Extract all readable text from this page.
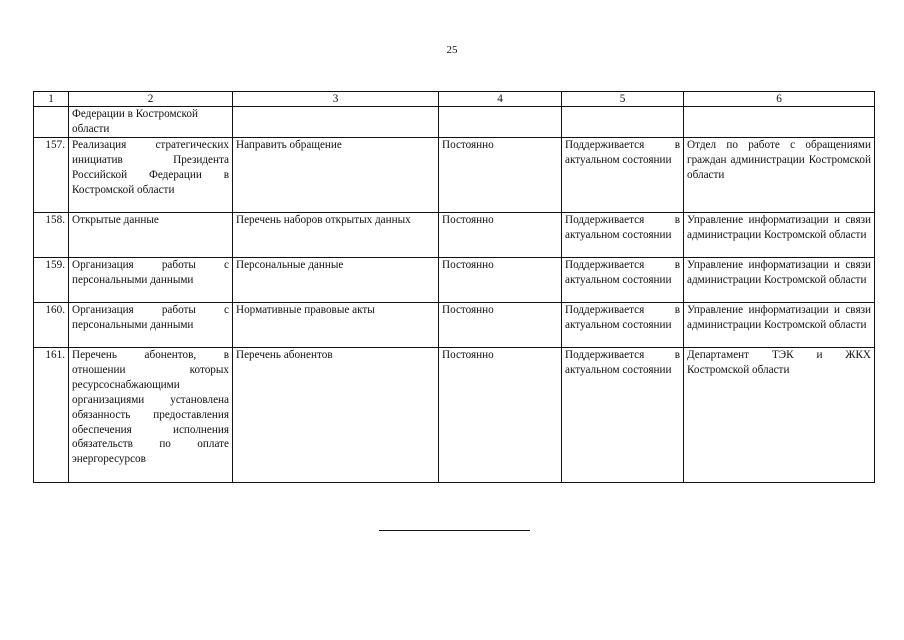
25
1	2	3	4	5	6
	Федерации в Костромской области				
157.	Реализация стратегических инициатив Президента Российской Федерации в Костромской области	Направить обращение	Постоянно	Поддерживается в актуальном состоянии	Отдел по работе с обращениями граждан администрации Костромской области
158.	Открытые данные	Перечень наборов открытых данных	Постоянно	Поддерживается в актуальном состоянии	Управление информатизации и связи администрации Костромской области
159.	Организация работы с персональными данными	Персональные данные	Постоянно	Поддерживается в актуальном состоянии	Управление информатизации и связи администрации Костромской области
160.	Организация работы с персональными данными	Нормативные правовые акты	Постоянно	Поддерживается в актуальном состоянии	Управление информатизации и связи администрации Костромской области
161.	Перечень абонентов, в отношении которых ресурсоснабжающими организациями установлена обязанность предоставления обеспечения исполнения обязательств по оплате энергоресурсов	Перечень абонентов	Постоянно	Поддерживается в актуальном состоянии	Департамент ТЭК и ЖКХ Костромской области
